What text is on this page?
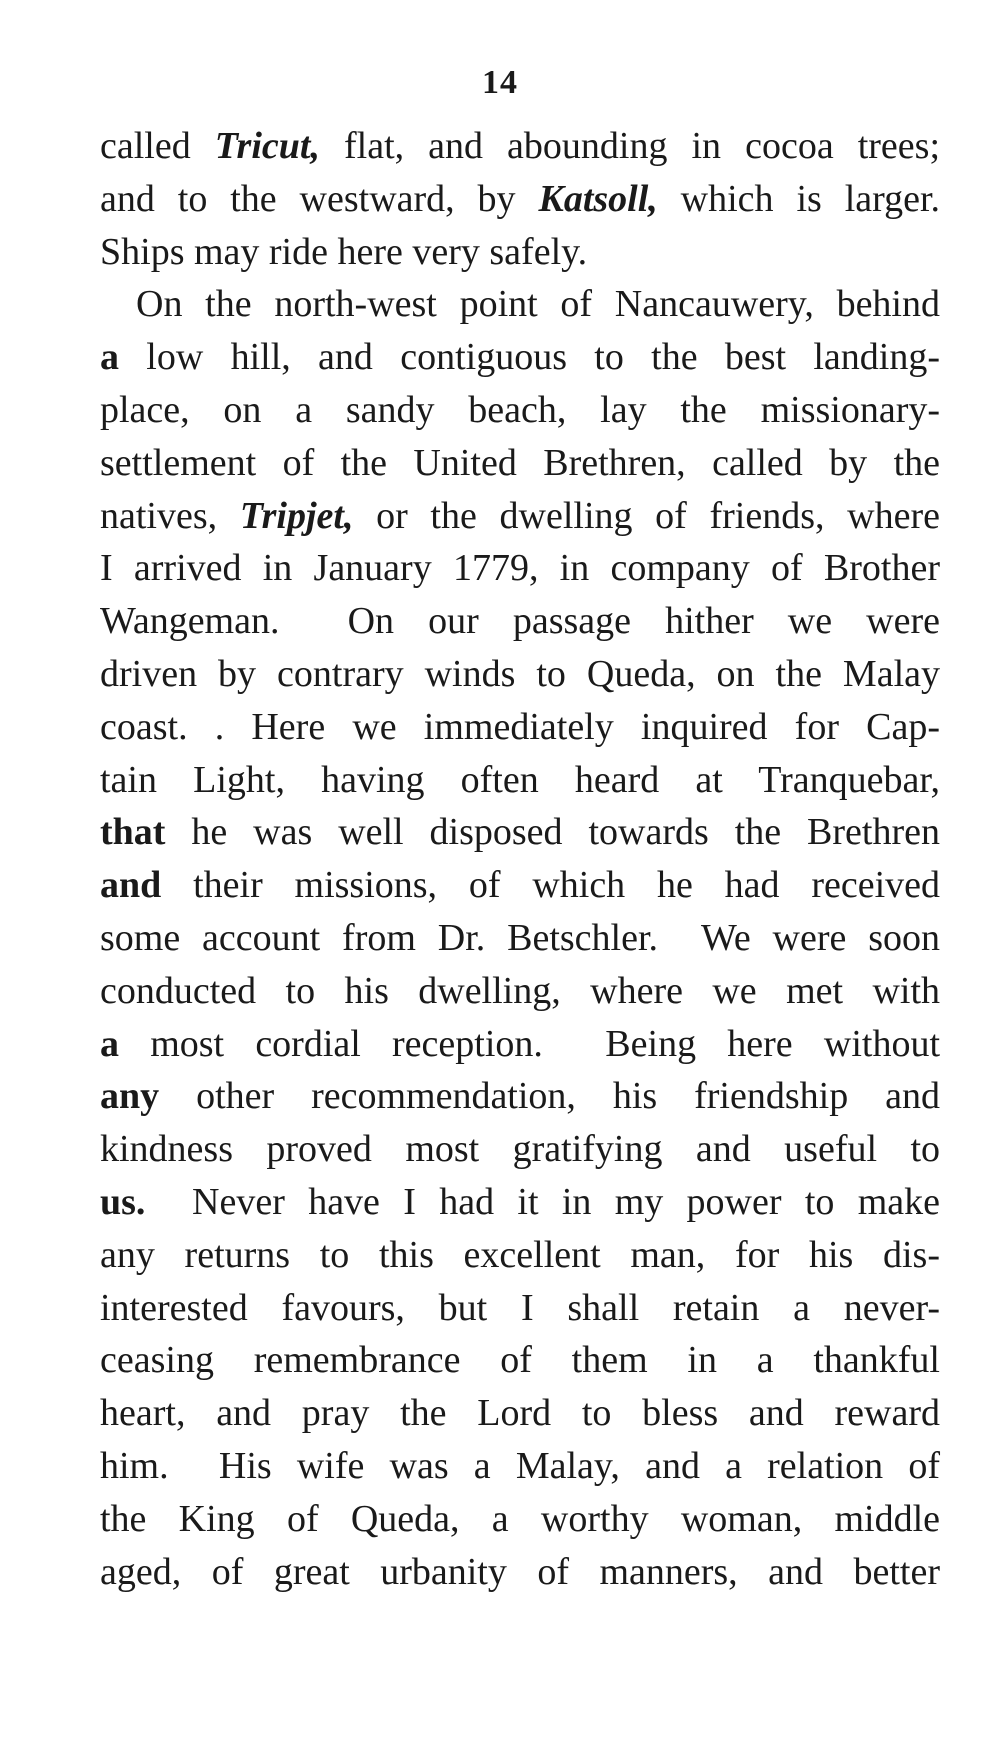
14
called Tricut, flat, and abounding in cocoa trees;
and to the westward, by Katsoll, which is larger.
Ships may ride here very safely.
On the north-west point of Nancauwery, behind
a low hill, and contiguous to the best landing-
place, on a sandy beach, lay the missionary-
settlement of the United Brethren, called by the
natives, Tripjet, or the dwelling of friends, where
I arrived in January 1779, in company of Brother
Wangeman.  On our passage hither we were
driven by contrary winds to Queda, on the Malay
coast. . Here we immediately inquired for Cap-
tain Light, having often heard at Tranquebar,
that he was well disposed towards the Brethren
and their missions, of which he had received
some account from Dr. Betschler.  We were soon
conducted to his dwelling, where we met with
a most cordial reception.  Being here without
any other recommendation, his friendship and
kindness proved most gratifying and useful to
us.  Never have I had it in my power to make
any returns to this excellent man, for his dis-
interested favours, but I shall retain a never-
ceasing remembrance of them in a thankful
heart, and pray the Lord to bless and reward
him.  His wife was a Malay, and a relation of
the King of Queda, a worthy woman, middle
aged, of great urbanity of manners, and better
